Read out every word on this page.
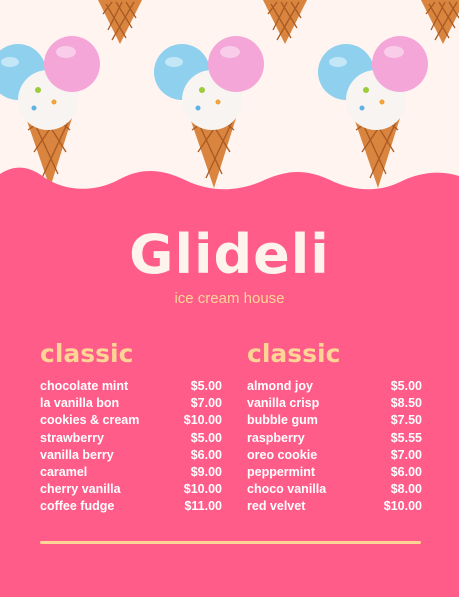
Glideli
ice cream house
classic
chocolate mint	$5.00
la vanilla bon	$7.00
cookies & cream	$10.00
strawberry	$5.00
vanilla berry	$6.00
caramel	$9.00
cherry vanilla	$10.00
coffee fudge	$11.00
classic
almond joy	$5.00
vanilla crisp	$8.50
bubble gum	$7.50
raspberry	$5.55
oreo cookie	$7.00
peppermint	$6.00
choco vanilla	$8.00
red velvet	$10.00
